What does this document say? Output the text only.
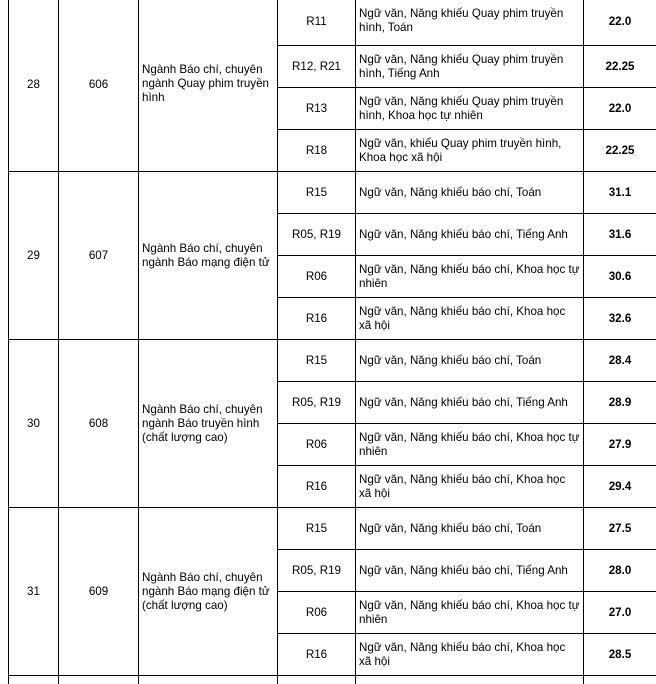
28	606	Ngành Báo chí, chuyên ngành Quay phim truyền hình	R11	Ngữ văn, Năng khiếu Quay phim truyền hình, Toán	22.0
			R12, R21	Ngữ văn, Năng khiếu Quay phim truyền hình, Tiếng Anh	22.25
			R13	Ngữ văn, Năng khiếu Quay phim truyền hình, Khoa học tự nhiên	22.0
			R18	Ngữ văn, khiếu Quay phim truyền hình, Khoa học xã hội	22.25
29	607	Ngành Báo chí, chuyên ngành Báo mạng điện tử	R15	Ngữ văn, Năng khiếu báo chí, Toán	31.1
			R05, R19	Ngữ văn, Năng khiếu báo chí, Tiếng Anh	31.6
			R06	Ngữ văn, Năng khiếu báo chí, Khoa học tự nhiên	30.6
			R16	Ngữ văn, Năng khiếu báo chí, Khoa học xã hội	32.6
30	608	Ngành Báo chí, chuyên ngành Báo truyền hình (chất lượng cao)	R15	Ngữ văn, Năng khiếu báo chí, Toán	28.4
			R05, R19	Ngữ văn, Năng khiếu báo chí, Tiếng Anh	28.9
			R06	Ngữ văn, Năng khiếu báo chí, Khoa học tự nhiên	27.9
			R16	Ngữ văn, Năng khiếu báo chí, Khoa học xã hội	29.4
31	609	Ngành Báo chí, chuyên ngành Báo mạng điện tử (chất lượng cao)	R15	Ngữ văn, Năng khiếu báo chí, Toán	27.5
			R05, R19	Ngữ văn, Năng khiếu báo chí, Tiếng Anh	28.0
			R06	Ngữ văn, Năng khiếu báo chí, Khoa học tự nhiên	27.0
			R16	Ngữ văn, Năng khiếu báo chí, Khoa học xã hội	28.5
